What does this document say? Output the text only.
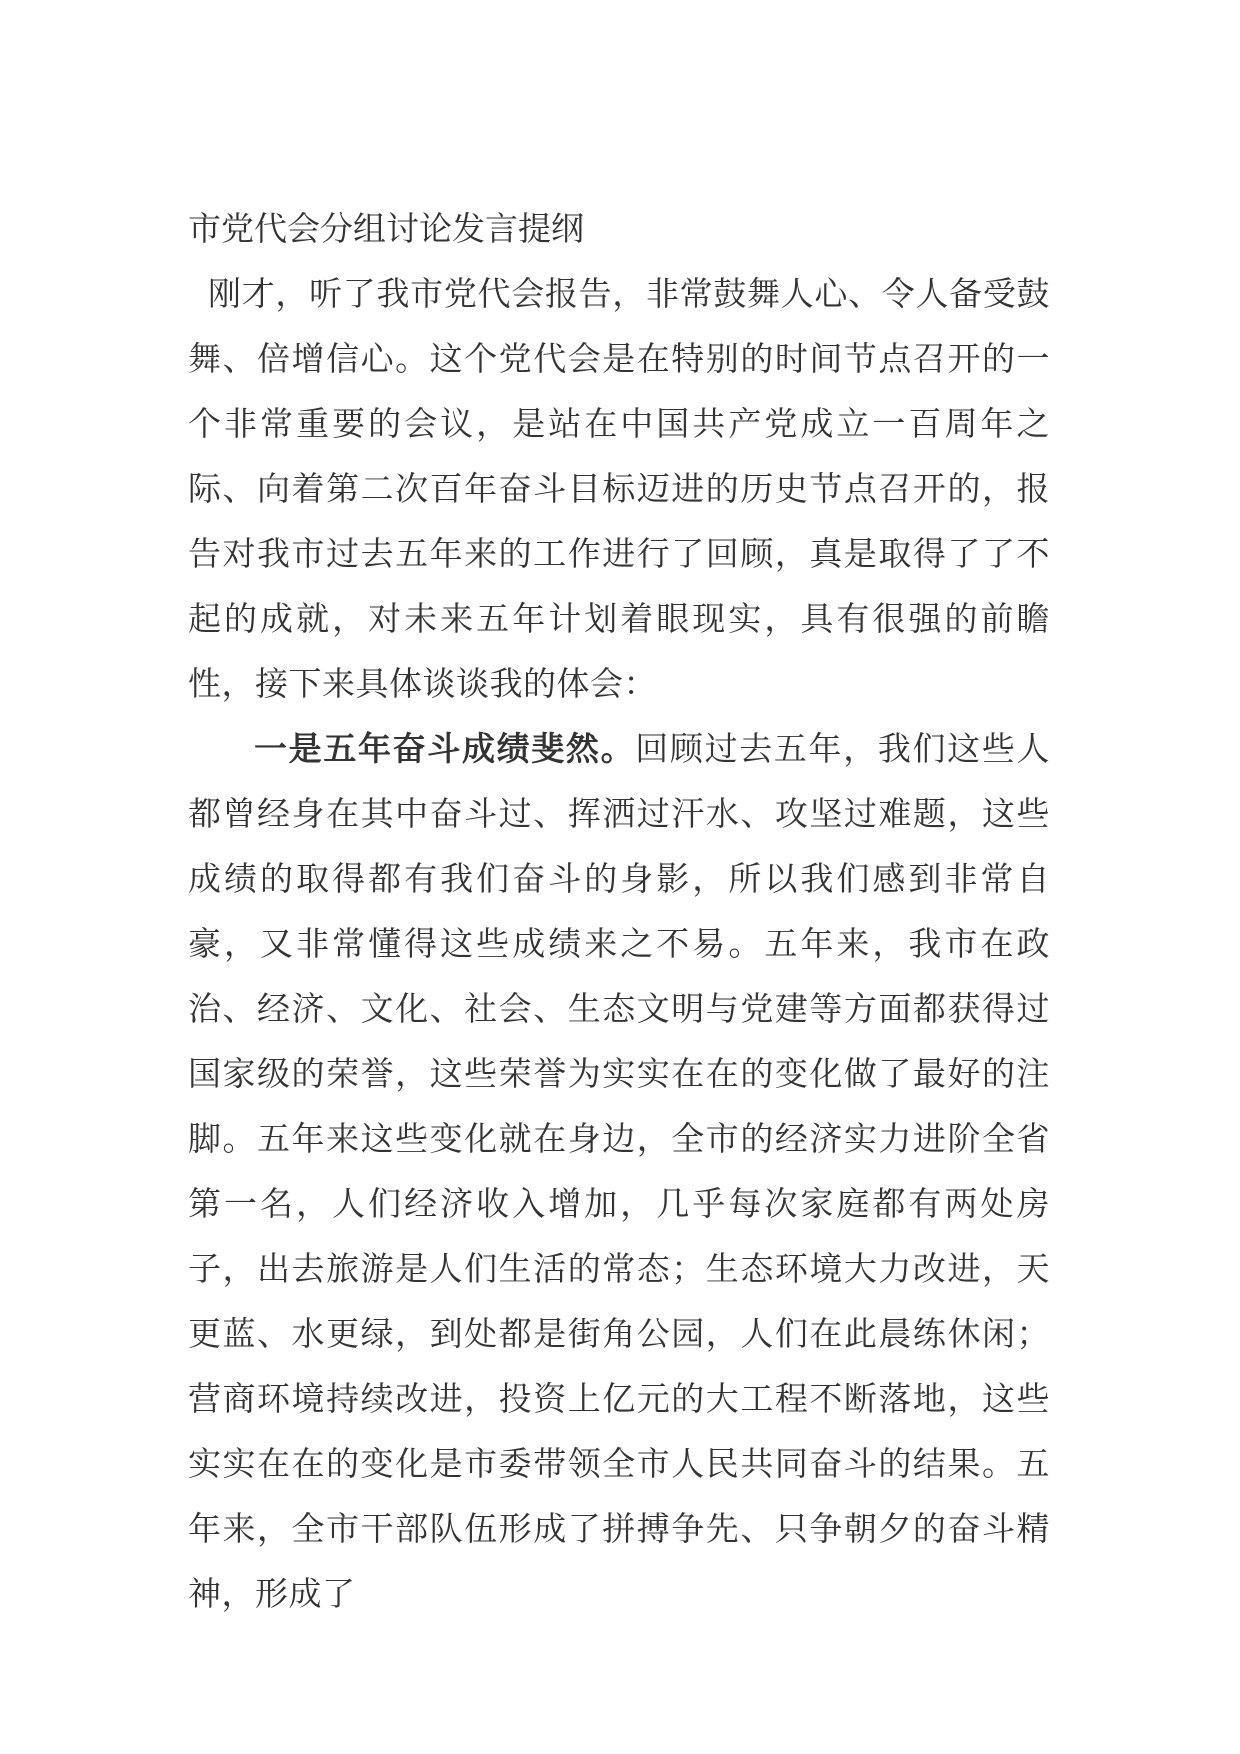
市党代会分组讨论发言提纲

刚才，听了我市党代会报告，非常鼓舞人心、令人备受鼓舞、倍增信心。这个党代会是在特别的时间节点召开的一个非常重要的会议，是站在中国共产党成立一百周年之际、向着第二次百年奋斗目标迈进的历史节点召开的，报告对我市过去五年来的工作进行了回顾，真是取得了了不起的成就，对未来五年计划着眼现实，具有很强的前瞻性，接下来具体谈谈我的体会：

一是五年奋斗成绩斐然。回顾过去五年，我们这些人都曾经身在其中奋斗过、挥洒过汗水、攻坚过难题，这些成绩的取得都有我们奋斗的身影，所以我们感到非常自豪，又非常懂得这些成绩来之不易。五年来，我市在政治、经济、文化、社会、生态文明与党建等方面都获得过国家级的荣誉，这些荣誉为实实在在的变化做了最好的注脚。五年来这些变化就在身边，全市的经济实力进阶全省第一名，人们经济收入增加，几乎每次家庭都有两处房子，出去旅游是人们生活的常态；生态环境大力改进，天更蓝、水更绿，到处都是街角公园，人们在此晨练休闲；营商环境持续改进，投资上亿元的大工程不断落地，这些实实在在的变化是市委带领全市人民共同奋斗的结果。五年来，全市干部队伍形成了拼搏争先、只争朝夕的奋斗精神，形成了
